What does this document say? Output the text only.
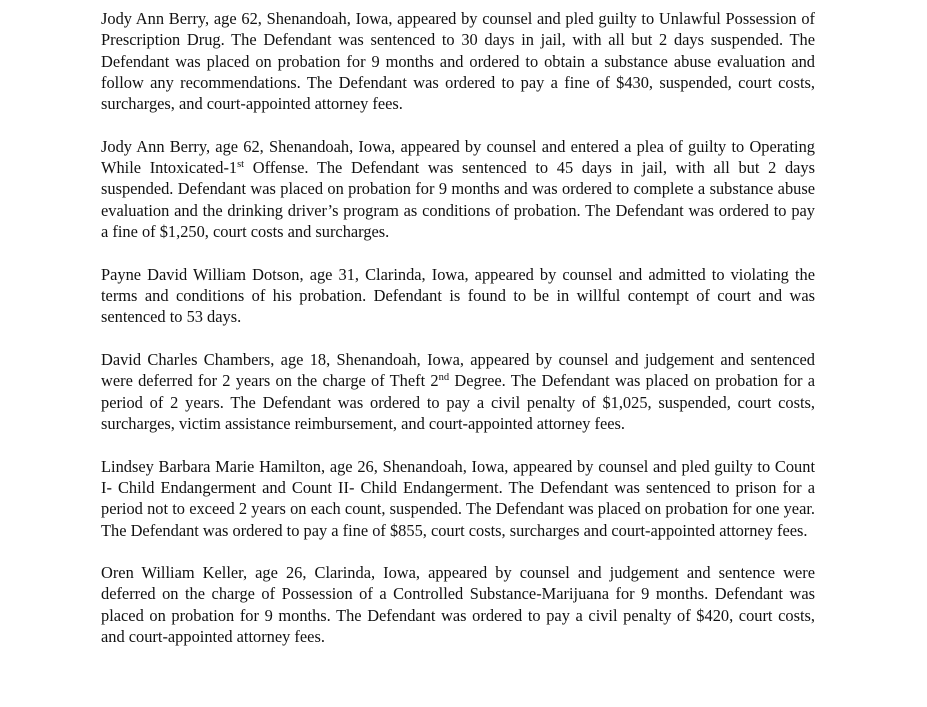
Jody Ann Berry, age 62, Shenandoah, Iowa, appeared by counsel and pled guilty to Unlawful Possession of Prescription Drug. The Defendant was sentenced to 30 days in jail, with all but 2 days suspended. The Defendant was placed on probation for 9 months and ordered to obtain a substance abuse evaluation and follow any recommendations. The Defendant was ordered to pay a fine of $430, suspended, court costs, surcharges, and court-appointed attorney fees.

Jody Ann Berry, age 62, Shenandoah, Iowa, appeared by counsel and entered a plea of guilty to Operating While Intoxicated-1st Offense. The Defendant was sentenced to 45 days in jail, with all but 2 days suspended. Defendant was placed on probation for 9 months and was ordered to complete a substance abuse evaluation and the drinking driver’s program as conditions of probation. The Defendant was ordered to pay a fine of $1,250, court costs and surcharges.

Payne David William Dotson, age 31, Clarinda, Iowa, appeared by counsel and admitted to violating the terms and conditions of his probation. Defendant is found to be in willful contempt of court and was sentenced to 53 days.

David Charles Chambers, age 18, Shenandoah, Iowa, appeared by counsel and judgement and sentenced were deferred for 2 years on the charge of Theft 2nd Degree. The Defendant was placed on probation for a period of 2 years. The Defendant was ordered to pay a civil penalty of $1,025, suspended, court costs, surcharges, victim assistance reimbursement, and court-appointed attorney fees.

Lindsey Barbara Marie Hamilton, age 26, Shenandoah, Iowa, appeared by counsel and pled guilty to Count I- Child Endangerment and Count II- Child Endangerment. The Defendant was sentenced to prison for a period not to exceed 2 years on each count, suspended. The Defendant was placed on probation for one year. The Defendant was ordered to pay a fine of $855, court costs, surcharges and court-appointed attorney fees.

Oren William Keller, age 26, Clarinda, Iowa, appeared by counsel and judgement and sentence were deferred on the charge of Possession of a Controlled Substance-Marijuana for 9 months. Defendant was placed on probation for 9 months. The Defendant was ordered to pay a civil penalty of $420, court costs, and court-appointed attorney fees.
